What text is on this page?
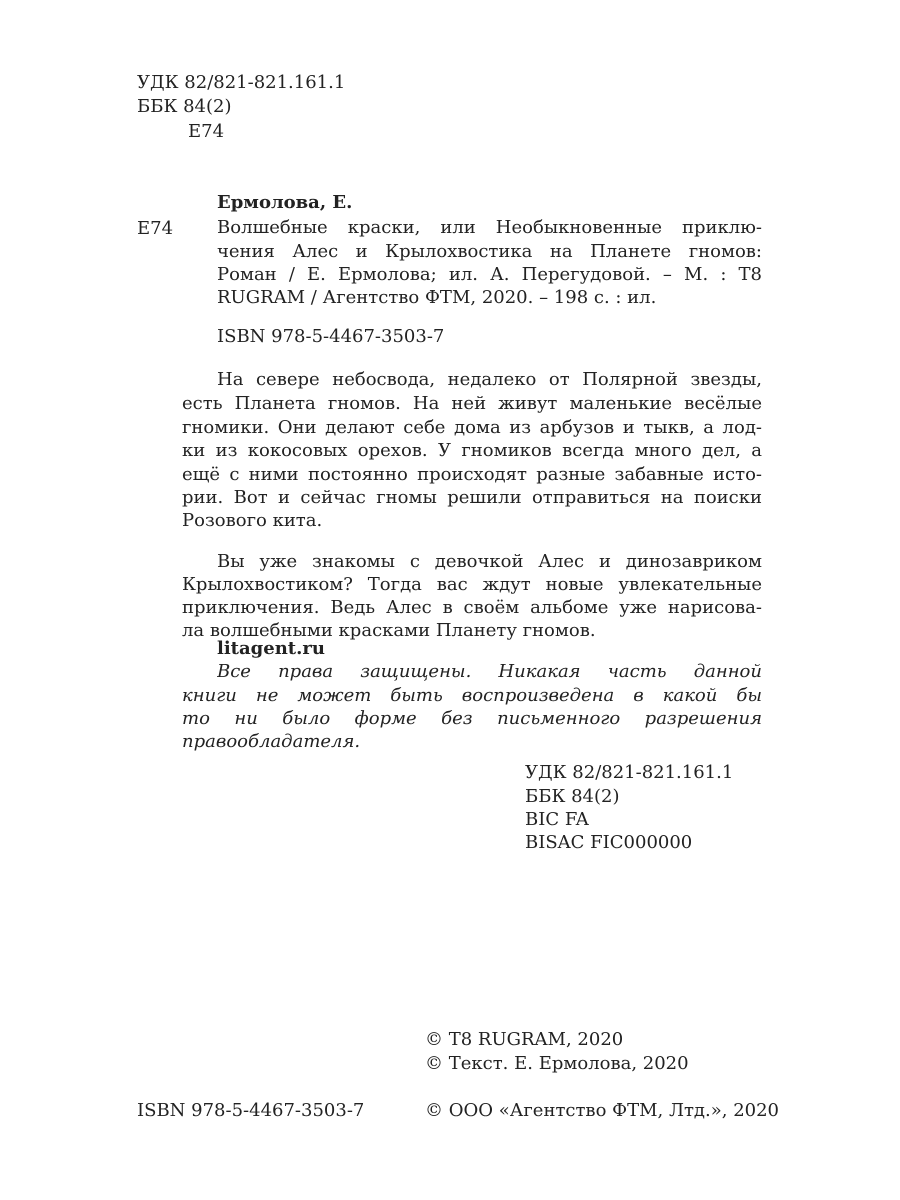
УДК 82/821-821.161.1
ББК 84(2)
Е74
Ермолова, Е.
Е74 Волшебные краски, или Необыкновенные приклю-
чения Алес и Крылохвостика на Планете гномов:
Роман / Е. Ермолова; ил. А. Перегудовой. – М. : Т8
RUGRAM / Агентство ФТМ, 2020. – 198 с. : ил.
ISBN 978-5-4467-3503-7
На севере небосвода, недалеко от Полярной звезды,
есть Планета гномов. На ней живут маленькие весёлые
гномики. Они делают себе дома из арбузов и тыкв, а лод-
ки из кокосовых орехов. У гномиков всегда много дел, а
ещё с ними постоянно происходят разные забавные исто-
рии. Вот и сейчас гномы решили отправиться на поиски
Розового кита.
Вы уже знакомы с девочкой Алес и динозавриком
Крылохвостиком? Тогда вас ждут новые увлекательные
приключения. Ведь Алес в своём альбоме уже нарисова-
ла волшебными красками Планету гномов.
litagent.ru
Все права защищены. Никакая часть данной
книги не может быть воспроизведена в какой бы
то ни было форме без письменного разрешения
правообладателя.
УДК 82/821-821.161.1
ББК 84(2)
BIC FA
BISAC FIC000000
© Т8 RUGRAM, 2020
© Текст. Е. Ермолова, 2020
© ООО «Агентство ФТМ, Лтд.», 2020
ISBN 978-5-4467-3503-7
